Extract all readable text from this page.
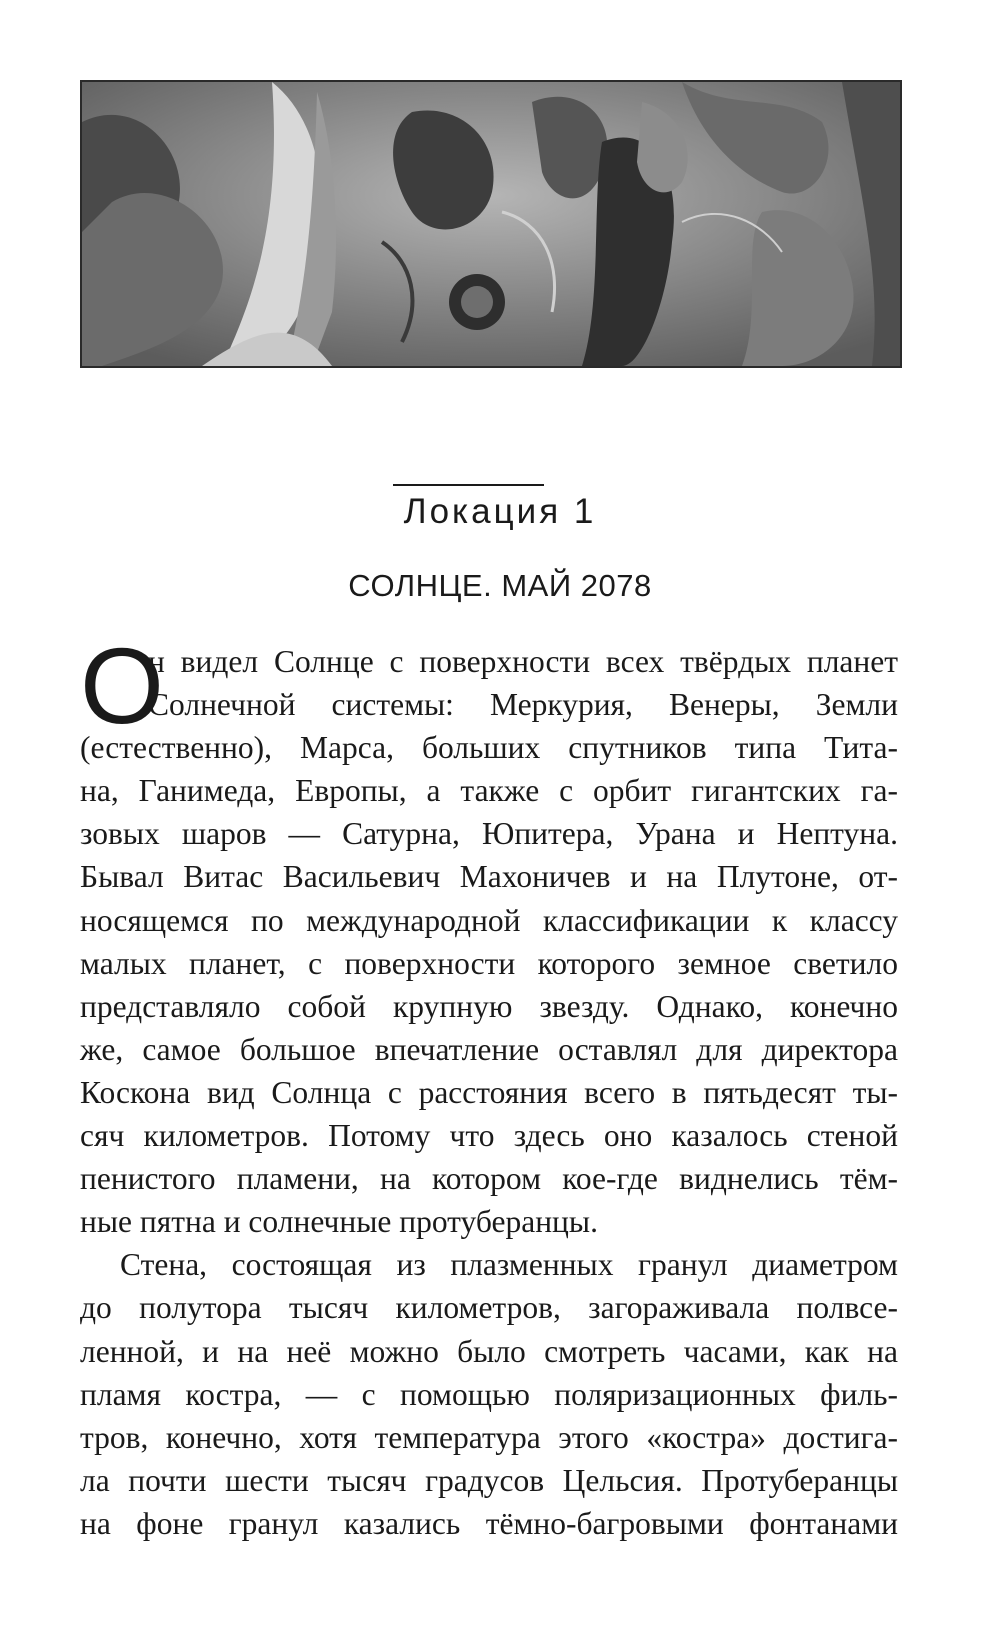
Локация 1
СОЛНЦЕ. МАЙ 2078
О
н видел Солнце с поверхности всех твёрдых планет
Солнечной системы: Меркурия, Венеры, Земли
(естественно), Марса, больших спутников типа Тита-
на, Ганимеда, Европы, а также с орбит гигантских га-
зовых шаров — Сатурна, Юпитера, Урана и Нептуна.
Бывал Витас Васильевич Махоничев и на Плутоне, от-
носящемся по международной классификации к классу
малых планет, с поверхности которого земное светило
представляло собой крупную звезду. Однако, конечно
же, самое большое впечатление оставлял для директора
Коскона вид Солнца с расстояния всего в пятьдесят ты-
сяч километров. Потому что здесь оно казалось стеной
пенистого пламени, на котором кое-где виднелись тём-
ные пятна и солнечные протуберанцы.
Стена, состоящая из плазменных гранул диаметром
до полутора тысяч километров, загораживала полвсе-
ленной, и на неё можно было смотреть часами, как на
пламя костра, — с помощью поляризационных филь-
тров, конечно, хотя температура этого «костра» достига-
ла почти шести тысяч градусов Цельсия. Протуберанцы
на фоне гранул казались тёмно-багровыми фонтанами
